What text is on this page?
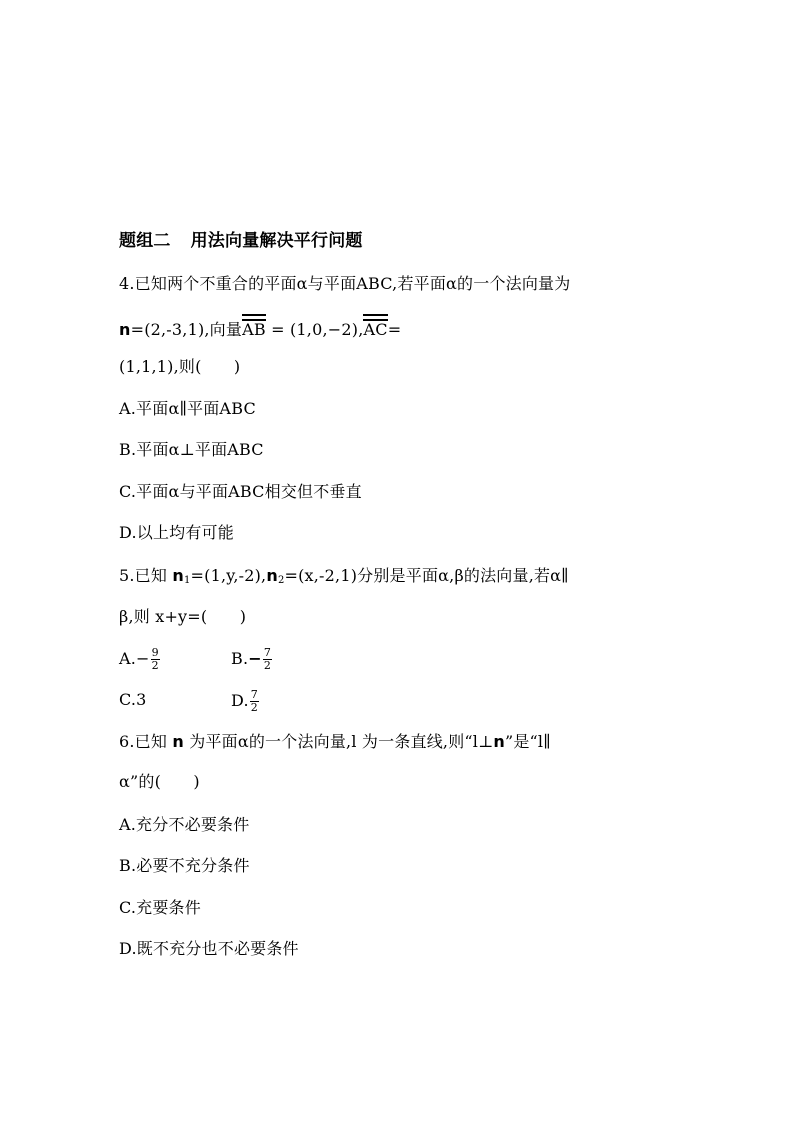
题组二 用法向量解决平行问题
4.已知两个不重合的平面α与平面ABC,若平面α的一个法向量为
n=(2,-3,1),向量AB = (1,0,−2),AC=
(1,1,1),则(　　)
A.平面α∥平面ABC
B.平面α⊥平面ABC
C.平面α与平面ABC相交但不垂直
D.以上均有可能
5.已知 $n_1=(1,y,-2),n_2=(x,-2,1)$分别是平面α,β的法向量,若α∥
β,则 x+y=(　　)
$A.- \frac{9}{2}$	$B.- \frac{7}{2}$
C.3	D. $\frac{7}{2}$
6.已知 n 为平面α的一个法向量,l 为一条直线,则“l⊥n”是“l∥
α”的(　　)
A.充分不必要条件
B.必要不充分条件
C.充要条件
D.既不充分也不必要条件
